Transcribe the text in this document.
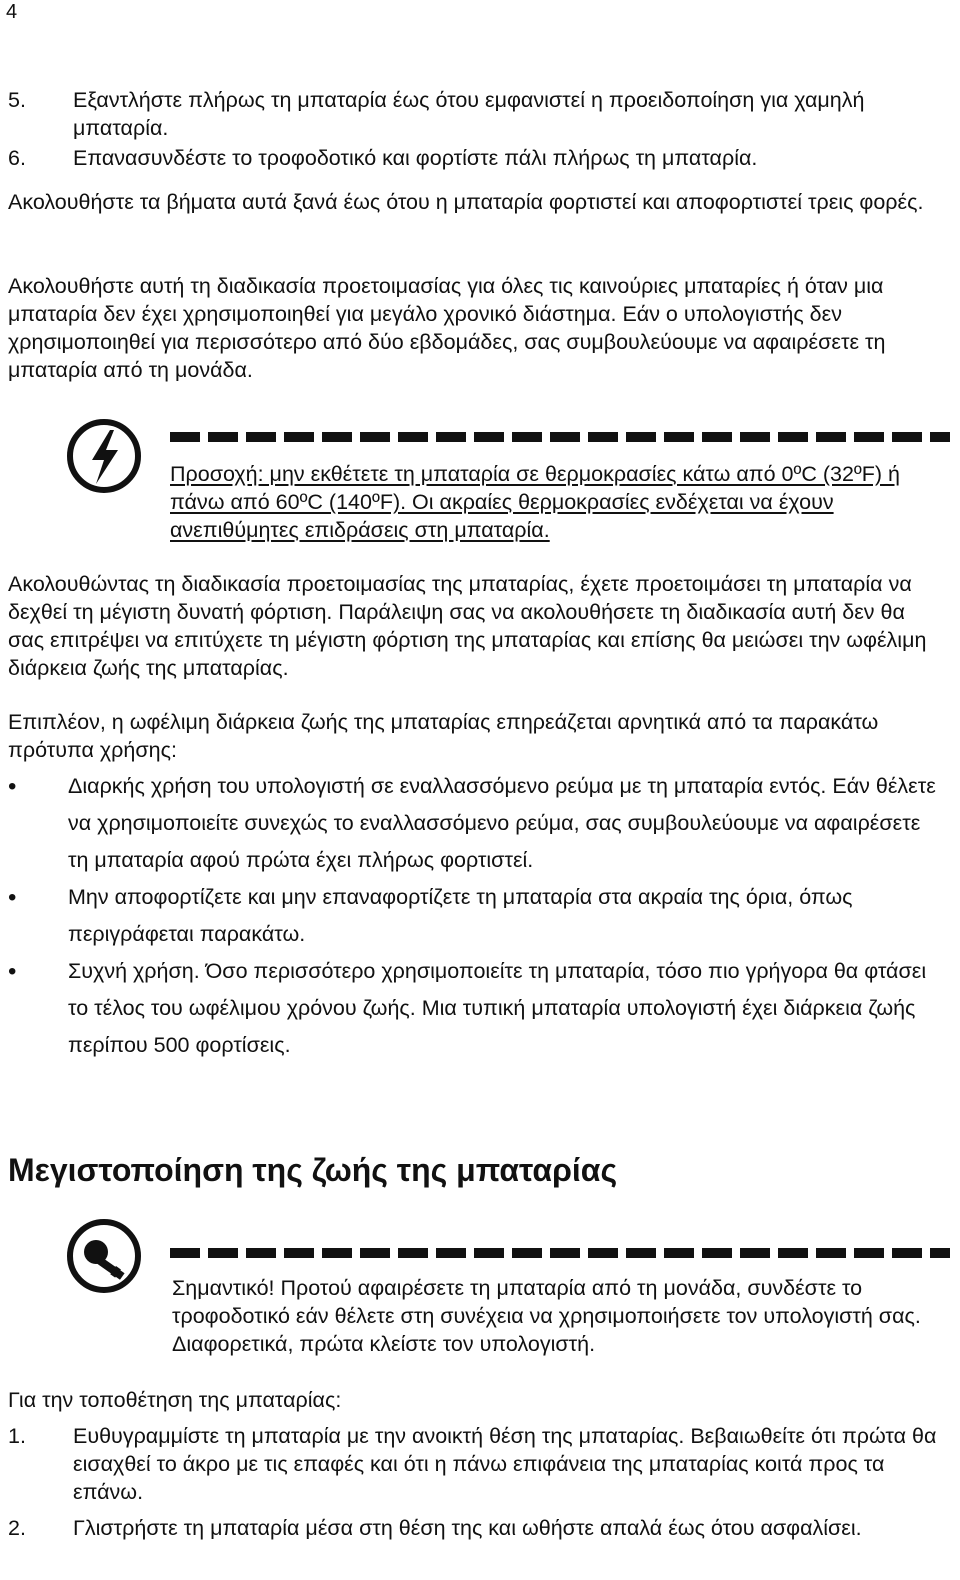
4
5.	Εξαντλήστε πλήρως τη μπαταρία έως ότου εμφανιστεί η προειδοποίηση για χαμηλή μπαταρία.
6.	Επανασυνδέστε το τροφοδοτικό και φορτίστε πάλι πλήρως τη μπαταρία.

Ακολουθήστε τα βήματα αυτά ξανά έως ότου η μπαταρία φορτιστεί και αποφορτιστεί τρεις φορές.

Ακολουθήστε αυτή τη διαδικασία προετοιμασίας για όλες τις καινούριες μπαταρίες ή όταν μια μπαταρία δεν έχει χρησιμοποιηθεί για μεγάλο χρονικό διάστημα. Εάν ο υπολογιστής δεν χρησιμοποιηθεί για περισσότερο από δύο εβδομάδες, σας συμβουλεύουμε να αφαιρέσετε τη μπαταρία από τη μονάδα.

Προσοχή: μην εκθέτετε τη μπαταρία σε θερμοκρασίες κάτω από 0ºC (32ºF) ή πάνω από 60ºC (140ºF). Οι ακραίες θερμοκρασίες ενδέχεται να έχουν ανεπιθύμητες επιδράσεις στη μπαταρία.

Ακολουθώντας τη διαδικασία προετοιμασίας της μπαταρίας, έχετε προετοιμάσει τη μπαταρία να δεχθεί τη μέγιστη δυνατή φόρτιση. Παράλειψη σας να ακολουθήσετε τη διαδικασία αυτή δεν θα σας επιτρέψει να επιτύχετε τη μέγιστη φόρτιση της μπαταρίας και επίσης θα μειώσει την ωφέλιμη διάρκεια ζωής της μπαταρίας.

Επιπλέον, η ωφέλιμη διάρκεια ζωής της μπαταρίας επηρεάζεται αρνητικά από τα παρακάτω πρότυπα χρήσης:

• Διαρκής χρήση του υπολογιστή σε εναλλασσόμενο ρεύμα με τη μπαταρία εντός. Εάν θέλετε να χρησιμοποιείτε συνεχώς το εναλλασσόμενο ρεύμα, σας συμβουλεύουμε να αφαιρέσετε τη μπαταρία αφού πρώτα έχει πλήρως φορτιστεί.
• Μην αποφορτίζετε και μην επαναφορτίζετε τη μπαταρία στα ακραία της όρια, όπως περιγράφεται παρακάτω.
• Συχνή χρήση. Όσο περισσότερο χρησιμοποιείτε τη μπαταρία, τόσο πιο γρήγορα θα φτάσει το τέλος του ωφέλιμου χρόνου ζωής. Μια τυπική μπαταρία υπολογιστή έχει διάρκεια ζωής περίπου 500 φορτίσεις.
Μεγιστοποίηση της ζωής της μπαταρίας

Σημαντικό! Προτού αφαιρέσετε τη μπαταρία από τη μονάδα, συνδέστε το τροφοδοτικό εάν θέλετε στη συνέχεια να χρησιμοποιήσετε τον υπολογιστή σας. Διαφορετικά, πρώτα κλείστε τον υπολογιστή.

Για την τοποθέτηση της μπαταρίας:

1.	Ευθυγραμμίστε τη μπαταρία με την ανοικτή θέση της μπαταρίας. Βεβαιωθείτε ότι πρώτα θα εισαχθεί το άκρο με τις επαφές και ότι η πάνω επιφάνεια της μπαταρίας κοιτά προς τα επάνω.
2.	Γλιστρήστε τη μπαταρία μέσα στη θέση της και ωθήστε απαλά έως ότου ασφαλίσει.
